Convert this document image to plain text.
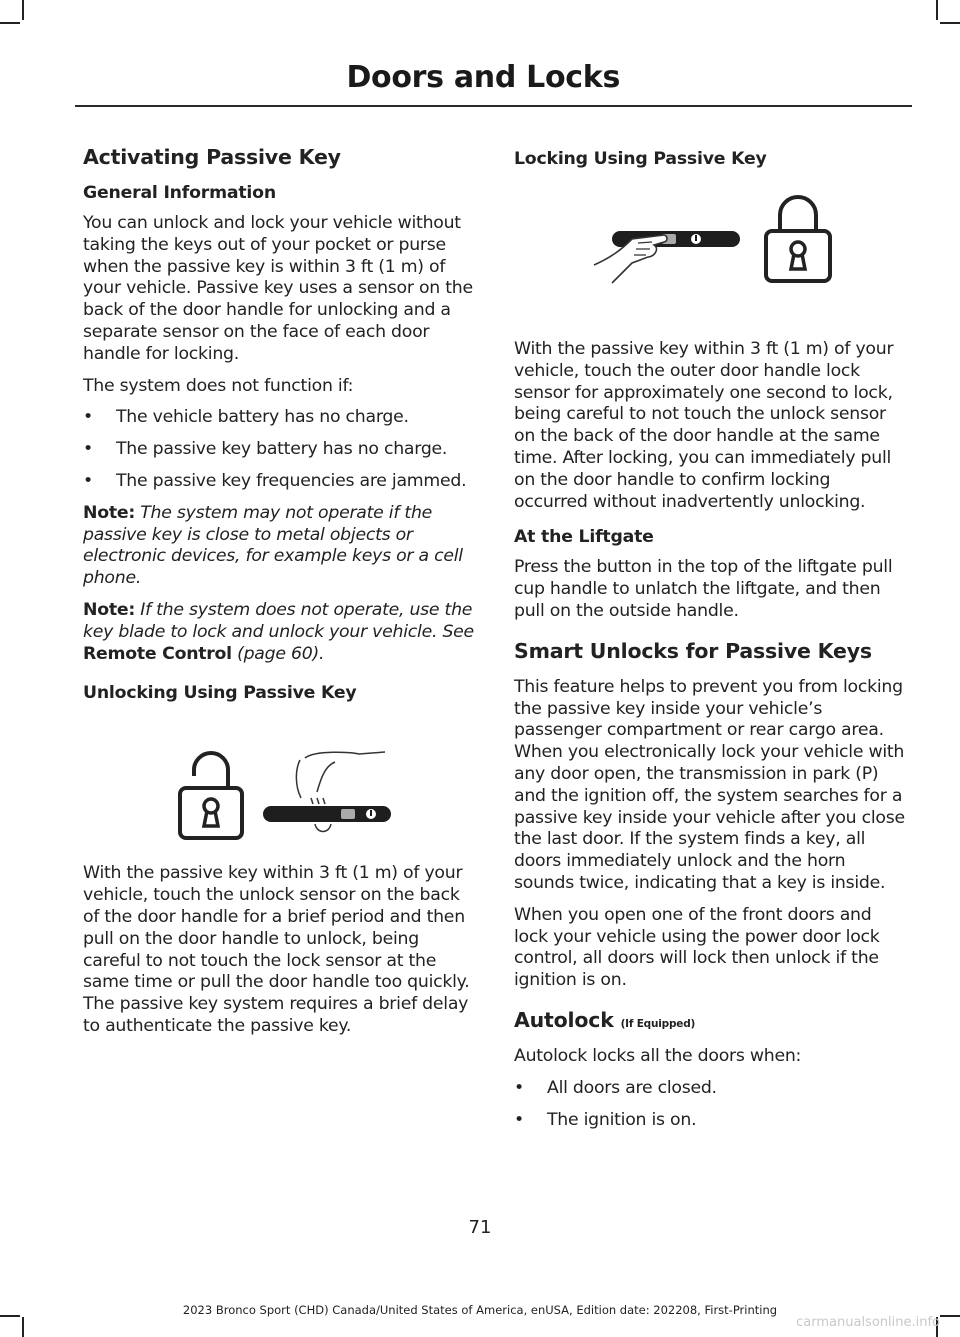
Doors and Locks
Activating Passive Key
General Information

You can unlock and lock your vehicle without taking the keys out of your pocket or purse when the passive key is within 3 ft (1 m) of your vehicle. Passive key uses a sensor on the back of the door handle for unlocking and a separate sensor on the face of each door handle for locking.

The system does not function if:

• The vehicle battery has no charge.
• The passive key battery has no charge.
• The passive key frequencies are jammed.

Note: The system may not operate if the passive key is close to metal objects or electronic devices, for example keys or a cell phone.

Note: If the system does not operate, use the key blade to lock and unlock your vehicle. See Remote Control (page 60).

Unlocking Using Passive Key

With the passive key within 3 ft (1 m) of your vehicle, touch the unlock sensor on the back of the door handle for a brief period and then pull on the door handle to unlock, being careful to not touch the lock sensor at the same time or pull the door handle too quickly. The passive key system requires a brief delay to authenticate the passive key.

Locking Using Passive Key

With the passive key within 3 ft (1 m) of your vehicle, touch the outer door handle lock sensor for approximately one second to lock, being careful to not touch the unlock sensor on the back of the door handle at the same time. After locking, you can immediately pull on the door handle to confirm locking occurred without inadvertently unlocking.

At the Liftgate

Press the button in the top of the liftgate pull cup handle to unlatch the liftgate, and then pull on the outside handle.

Smart Unlocks for Passive Keys

This feature helps to prevent you from locking the passive key inside your vehicle’s passenger compartment or rear cargo area. When you electronically lock your vehicle with any door open, the transmission in park (P) and the ignition off, the system searches for a passive key inside your vehicle after you close the last door. If the system finds a key, all doors immediately unlock and the horn sounds twice, indicating that a key is inside.

When you open one of the front doors and lock your vehicle using the power door lock control, all doors will lock then unlock if the ignition is on.

Autolock (If Equipped)

Autolock locks all the doors when:

• All doors are closed.
• The ignition is on.
71
2023 Bronco Sport (CHD) Canada/United States of America, enUSA, Edition date: 202208, First-Printing
carmanualsonline.info
